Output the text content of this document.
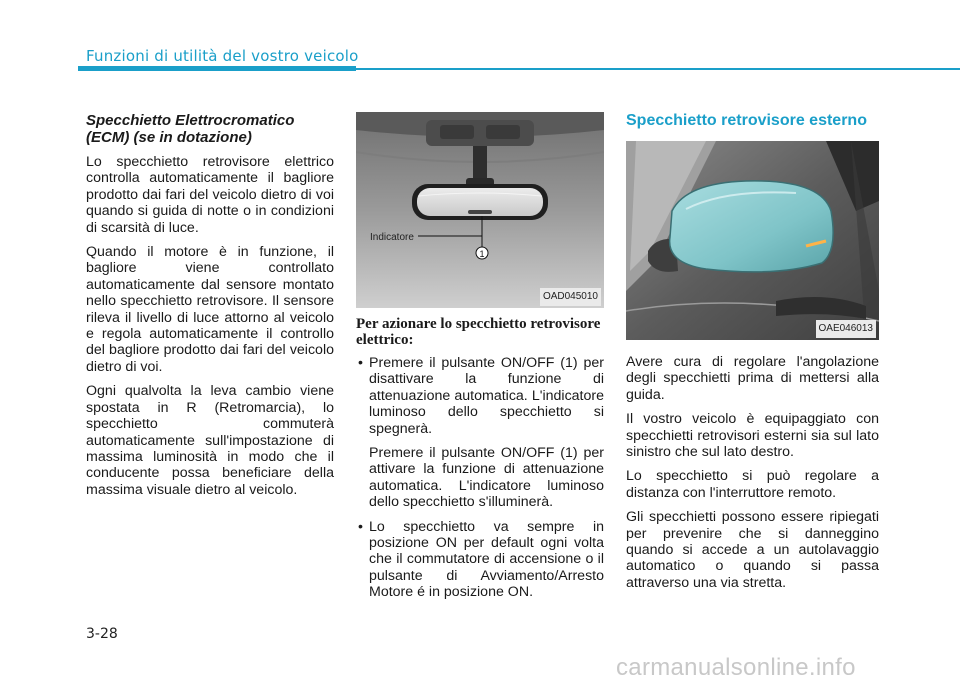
Funzioni di utilità del vostro veicolo
Specchietto Elettrocromatico (ECM) (se in dotazione)

Lo specchietto retrovisore elettrico controlla automaticamente il bagliore prodotto dai fari del veicolo dietro di voi quando si guida di notte o in condizioni di scarsità di luce.

Quando il motore è in funzione, il bagliore viene controllato automaticamente dal sensore montato nello specchietto retrovisore. Il sensore rileva il livello di luce attorno al veicolo e regola automaticamente il controllo del bagliore prodotto dai fari del veicolo dietro di voi.

Ogni qualvolta la leva cambio viene spostata in R (Retromarcia), lo specchietto commuterà automaticamente sull'impostazione di massima luminosità in modo che il conducente possa beneficiare della massima visuale dietro al veicolo.

1
Indicatore
OAD045010
Per azionare lo specchietto retrovisore elettrico:

• Premere il pulsante ON/OFF (1) per disattivare la funzione di attenuazione automatica. L'indicatore luminoso dello specchietto si spegnerà.

Premere il pulsante ON/OFF (1) per attivare la funzione di attenuazione automatica. L'indicatore luminoso dello specchietto s'illuminerà.

• Lo specchietto va sempre in posizione ON per default ogni volta che il commutatore di accensione o il pulsante di Avviamento/Arresto Motore é in posizione ON.

Specchietto retrovisore esterno
OAE046013

Avere cura di regolare l'angolazione degli specchietti prima di mettersi alla guida.

Il vostro veicolo è equipaggiato con specchietti retrovisori esterni sia sul lato sinistro che sul lato destro.

Lo specchietto si può regolare a distanza con l'interruttore remoto.

Gli specchietti possono essere ripiegati per prevenire che si danneggino quando si accede a un autolavaggio automatico o quando si passa attraverso una via stretta.

3-28
carmanualsonline.info
